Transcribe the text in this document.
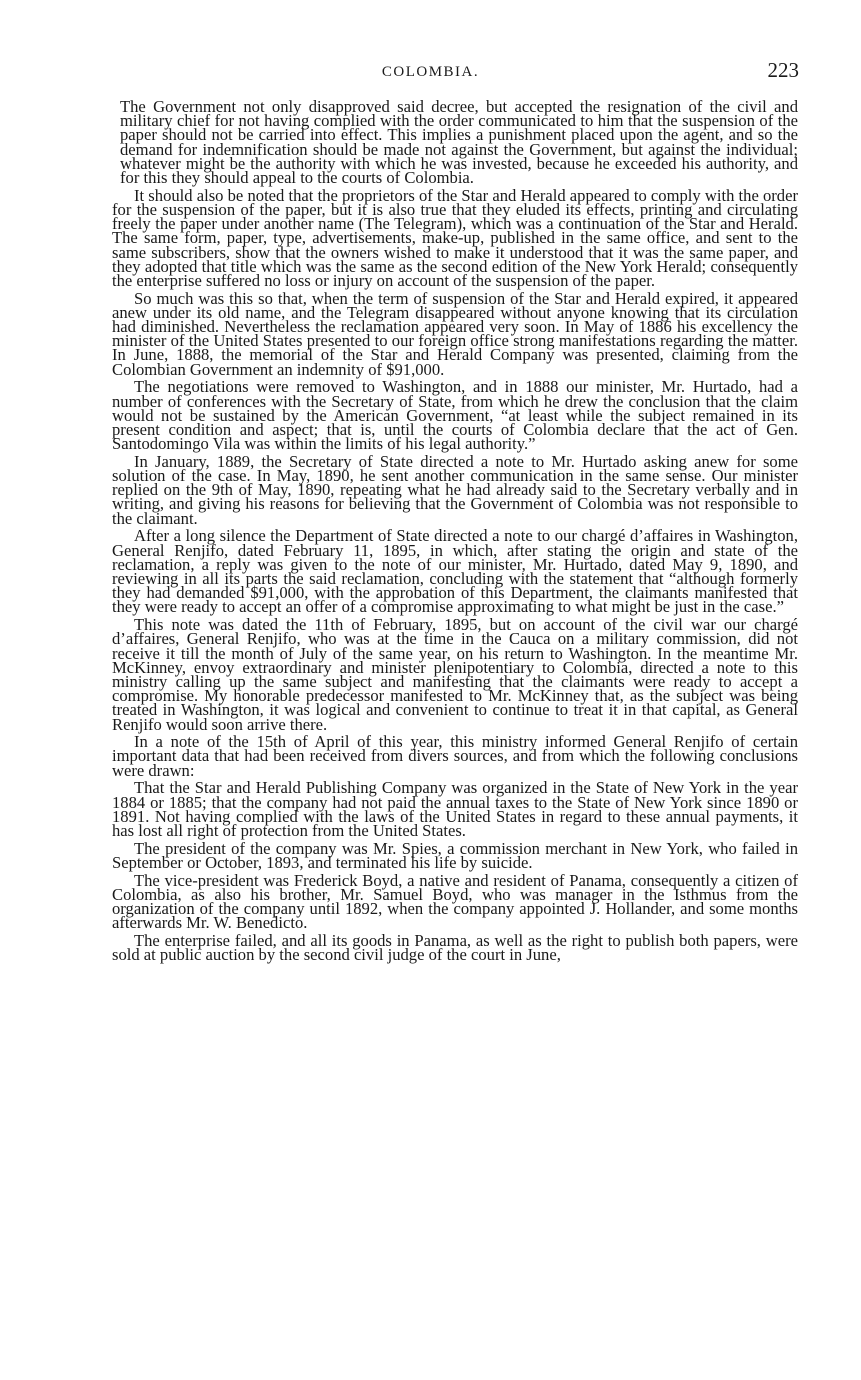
COLOMBIA.	223

The Government not only disapproved said decree, but accepted the resignation of the civil and military chief for not having complied with the order communicated to him that the suspension of the paper should not be carried into effect. This implies a punishment placed upon the agent, and so the demand for indemnification should be made not against the Government, but against the individual; whatever might be the authority with which he was invested, because he exceeded his authority, and for this they should appeal to the courts of Colombia.

It should also be noted that the proprietors of the Star and Herald appeared to comply with the order for the suspension of the paper, but it is also true that they eluded its effects, printing and circulating freely the paper under another name (The Telegram), which was a continuation of the Star and Herald. The same form, paper, type, advertisements, make-up, published in the same office, and sent to the same subscribers, show that the owners wished to make it understood that it was the same paper, and they adopted that title which was the same as the second edition of the New York Herald; consequently the enterprise suffered no loss or injury on account of the suspension of the paper.

So much was this so that, when the term of suspension of the Star and Herald expired, it appeared anew under its old name, and the Telegram disappeared without anyone knowing that its circulation had diminished. Nevertheless the reclamation appeared very soon. In May of 1886 his excellency the minister of the United States presented to our foreign office strong manifestations regarding the matter. In June, 1888, the memorial of the Star and Herald Company was presented, claiming from the Colombian Government an indemnity of $91,000.

The negotiations were removed to Washington, and in 1888 our minister, Mr. Hurtado, had a number of conferences with the Secretary of State, from which he drew the conclusion that the claim would not be sustained by the American Government, “at least while the subject remained in its present condition and aspect; that is, until the courts of Colombia declare that the act of Gen. Santodomingo Vila was within the limits of his legal authority.”

In January, 1889, the Secretary of State directed a note to Mr. Hurtado asking anew for some solution of the case. In May, 1890, he sent another communication in the same sense. Our minister replied on the 9th of May, 1890, repeating what he had already said to the Secretary verbally and in writing, and giving his reasons for believing that the Government of Colombia was not responsible to the claimant.

After a long silence the Department of State directed a note to our chargé d’affaires in Washington, General Renjifo, dated February 11, 1895, in which, after stating the origin and state of the reclamation, a reply was given to the note of our minister, Mr. Hurtado, dated May 9, 1890, and reviewing in all its parts the said reclamation, concluding with the statement that “although formerly they had demanded $91,000, with the approbation of this Department, the claimants manifested that they were ready to accept an offer of a compromise approximating to what might be just in the case.”

This note was dated the 11th of February, 1895, but on account of the civil war our chargé d’affaires, General Renjifo, who was at the time in the Cauca on a military commission, did not receive it till the month of July of the same year, on his return to Washington. In the meantime Mr. McKinney, envoy extraordinary and minister plenipotentiary to Colombia, directed a note to this ministry calling up the same subject and manifesting that the claimants were ready to accept a compromise. My honorable predecessor manifested to Mr. McKinney that, as the subject was being treated in Washington, it was logical and convenient to continue to treat it in that capital, as General Renjifo would soon arrive there.

In a note of the 15th of April of this year, this ministry informed General Renjifo of certain important data that had been received from divers sources, and from which the following conclusions were drawn:

That the Star and Herald Publishing Company was organized in the State of New York in the year 1884 or 1885; that the company had not paid the annual taxes to the State of New York since 1890 or 1891. Not having complied with the laws of the United States in regard to these annual payments, it has lost all right of protection from the United States.

The president of the company was Mr. Spies, a commission merchant in New York, who failed in September or October, 1893, and terminated his life by suicide.

The vice-president was Frederick Boyd, a native and resident of Panama, consequently a citizen of Colombia, as also his brother, Mr. Samuel Boyd, who was manager in the Isthmus from the organization of the company until 1892, when the company appointed J. Hollander, and some months afterwards Mr. W. Benedicto.

The enterprise failed, and all its goods in Panama, as well as the right to publish both papers, were sold at public auction by the second civil judge of the court in June,
